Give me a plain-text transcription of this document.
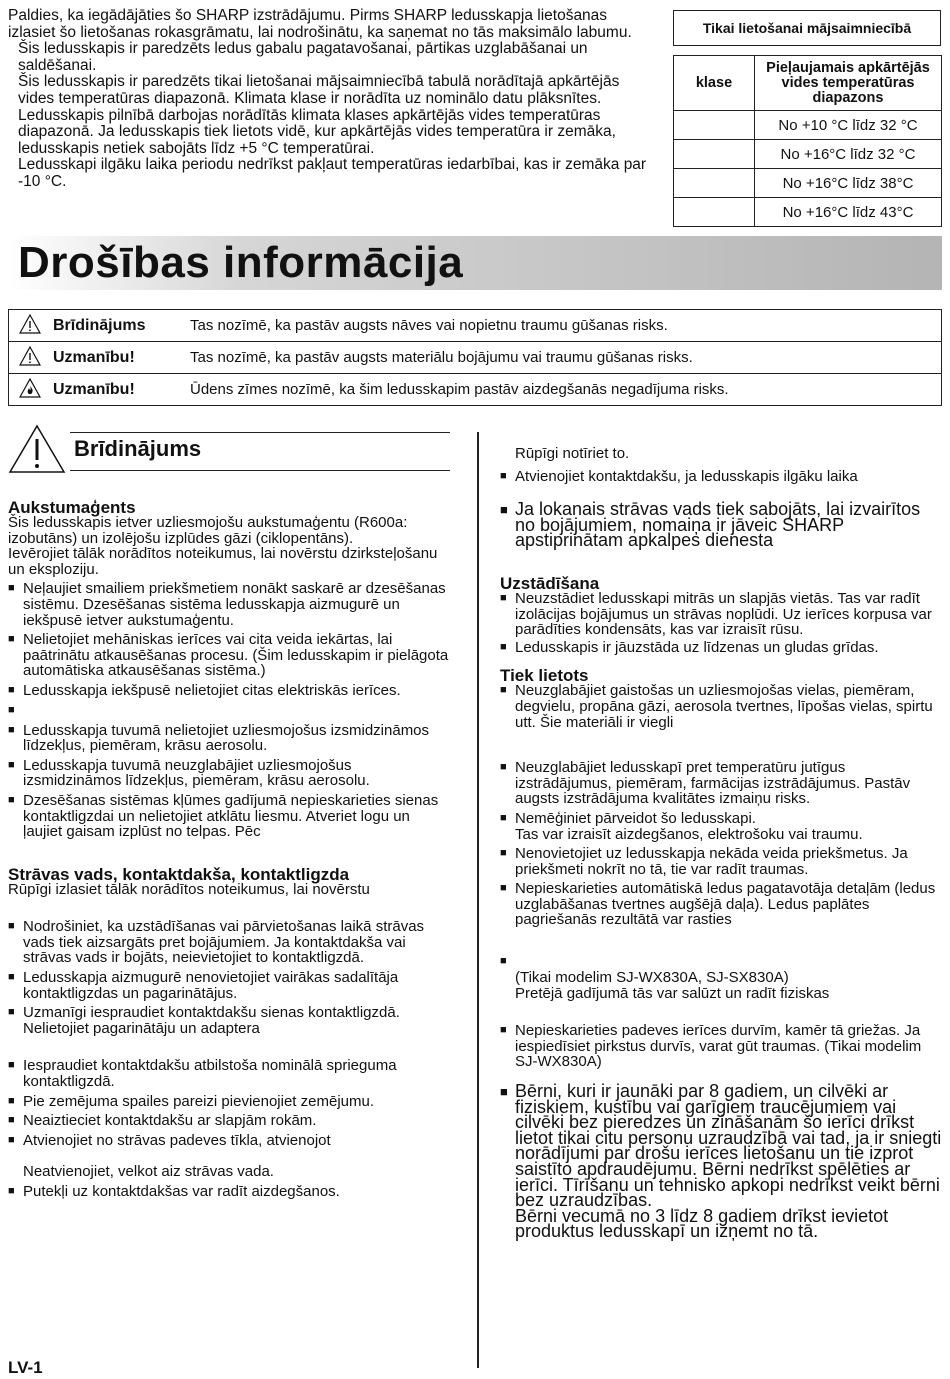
Paldies, ka iegādājāties šo SHARP izstrādājumu. Pirms SHARP ledusskapja lietošanas izlasiet šo lietošanas rokasgrāmatu, lai nodrošinātu, ka saņemat no tās maksimālo labumu.

Šis ledusskapis ir paredzēts ledus gabalu pagatavošanai, pārtikas uzglabāšanai un saldēšanai.

Šis ledusskapis ir paredzēts tikai lietošanai mājsaimniecībā tabulā norādītajā apkārtējās vides temperatūras diapazonā. Klimata klase ir norādīta uz nominālo datu plāksnītes.

Ledusskapis pilnībā darbojas norādītās klimata klases apkārtējās vides temperatūras diapazonā. Ja ledusskapis tiek lietots vidē, kur apkārtējās vides temperatūra ir zemāka, ledusskapis netiek sabojāts līdz +5 °C temperatūrai.

Ledusskapi ilgāku laika periodu nedrīkst pakļaut temperatūras iedarbībai, kas ir zemāka par -10 °C.

Tikai lietošanai mājsaimniecībā
klase	Pieļaujamais apkārtējās vides temperatūras diapazons
	No +10 °C līdz 32 °C
	No +16°C līdz 32 °C
	No +16°C līdz 38°C
	No +16°C līdz 43°C
Drošības informācija
	Brīdinājums	Tas nozīmē, ka pastāv augsts nāves vai nopietnu traumu gūšanas risks.
	Uzmanību!	Tas nozīmē, ka pastāv augsts materiālu bojājumu vai traumu gūšanas risks.
	Uzmanību!	Ūdens zīmes nozīmē, ka šim ledusskapim pastāv aizdegšanās negadījuma risks.
Brīdinājums
Aukstumaģents

Šis ledusskapis ietver uzliesmojošu aukstumaģentu (R600a: izobutāns) un izolējošu izplūdes gāzi (ciklopentāns).

Ievērojiet tālāk norādītos noteikumus, lai novērstu dzirksteļošanu un eksploziju.

■ Neļaujiet smailiem priekšmetiem nonākt saskarē ar dzesēšanas sistēmu. Dzesēšanas sistēma ledusskapja aizmugurē un iekšpusē ietver aukstumaģentu.
■ Nelietojiet mehāniskas ierīces vai cita veida iekārtas, lai paātrinātu atkausēšanas procesu. (Šim ledusskapim ir pielāgota automātiska atkausēšanas sistēma.)
■ Ledusskapja iekšpusē nelietojiet citas elektriskās ierīces.
■
■ Ledusskapja tuvumā nelietojiet uzliesmojošus izsmidzināmos līdzekļus, piemēram, krāsu aerosolu.
■ Ledusskapja tuvumā neuzglabājiet uzliesmojošus izsmidzināmos līdzekļus, piemēram, krāsu aerosolu.
■ Dzesēšanas sistēmas kļūmes gadījumā nepieskarieties sienas kontaktligzdai un nelietojiet atklātu liesmu. Atveriet logu un ļaujiet gaisam izplūst no telpas. Pēc
Strāvas vads, kontaktdakša, kontaktligzda

Rūpīgi izlasiet tālāk norādītos noteikumus, lai novērstu

■ Nodrošiniet, ka uzstādīšanas vai pārvietošanas laikā strāvas vads tiek aizsargāts pret bojājumiem. Ja kontaktdakša vai strāvas vads ir bojāts, neievietojiet to kontaktligzdā.
■ Ledusskapja aizmugurē nenovietojiet vairākas sadalītāja kontaktligzdas un pagarinātājus.
■ Uzmanīgi iespraudiet kontaktdakšu sienas kontaktligzdā. Nelietojiet pagarinātāju un adaptera
■ Iespraudiet kontaktdakšu atbilstoša nominālā sprieguma kontaktligzdā.
■ Pie zemējuma spailes pareizi pievienojiet zemējumu.
■ Neaiztieciet kontaktdakšu ar slapjām rokām.
■ Atvienojiet no strāvas padeves tīkla, atvienojot
Neatvienojiet, velkot aiz strāvas vada.
■ Putekļi uz kontaktdakšas var radīt aizdegšanos.

Rūpīgi notīriet to.

■ Atvienojiet kontaktdakšu, ja ledusskapis ilgāku laika
■ Ja lokanais strāvas vads tiek sabojāts, lai izvairītos no bojājumiem, nomaiņa ir jāveic SHARP apstiprinātam apkalpes dienesta
Uzstādīšana
■ Neuzstādiet ledusskapi mitrās un slapjās vietās. Tas var radīt izolācijas bojājumus un strāvas noplūdi. Uz ierīces korpusa var parādīties kondensāts, kas var izraisīt rūsu.
■ Ledusskapis ir jāuzstāda uz līdzenas un gludas grīdas.
Tiek lietots
■ Neuzglabājiet gaistošas un uzliesmojošas vielas, piemēram, degvielu, propāna gāzi, aerosola tvertnes, līpošas vielas, spirtu utt. Šie materiāli ir viegli
■ Neuzglabājiet ledusskapī pret temperatūru jutīgus izstrādājumus, piemēram, farmācijas izstrādājumus. Pastāv augsts izstrādājuma kvalitātes izmaiņu risks.
■ Nemēģiniet pārveidot šo ledusskapi.
Tas var izraisīt aizdegšanos, elektrošoku vai traumu.
■ Nenovietojiet uz ledusskapja nekāda veida priekšmetus. Ja priekšmeti nokrīt no tā, tie var radīt traumas.
■ Nepieskarieties automātiskā ledus pagatavotāja detaļām (ledus uzglabāšanas tvertnes augšējā daļa). Ledus paplātes pagriešanās rezultātā var rasties
■
(Tikai modelim SJ-WX830A, SJ-SX830A)
Pretējā gadījumā tās var salūzt un radīt fiziskas
■ Nepieskarieties padeves ierīces durvīm, kamēr tā griežas. Ja iespiedīsiet pirkstus durvīs, varat gūt traumas. (Tikai modelim SJ-WX830A)
■ Bērni, kuri ir jaunāki par 8 gadiem, un cilvēki ar fiziskiem, kustību vai garīgiem traucējumiem vai cilvēki bez pieredzes un zināšanām šo ierīci drīkst lietot tikai citu personu uzraudzībā vai tad, ja ir sniegti norādījumi par drošu ierīces lietošanu un tie izprot saistīto apdraudējumu. Bērni nedrīkst spēlēties ar ierīci. Tīrīšanu un tehnisko apkopi nedrīkst veikt bērni bez uzraudzības.
Bērni vecumā no 3 līdz 8 gadiem drīkst ievietot produktus ledusskapī un izņemt no tā.
LV-1
